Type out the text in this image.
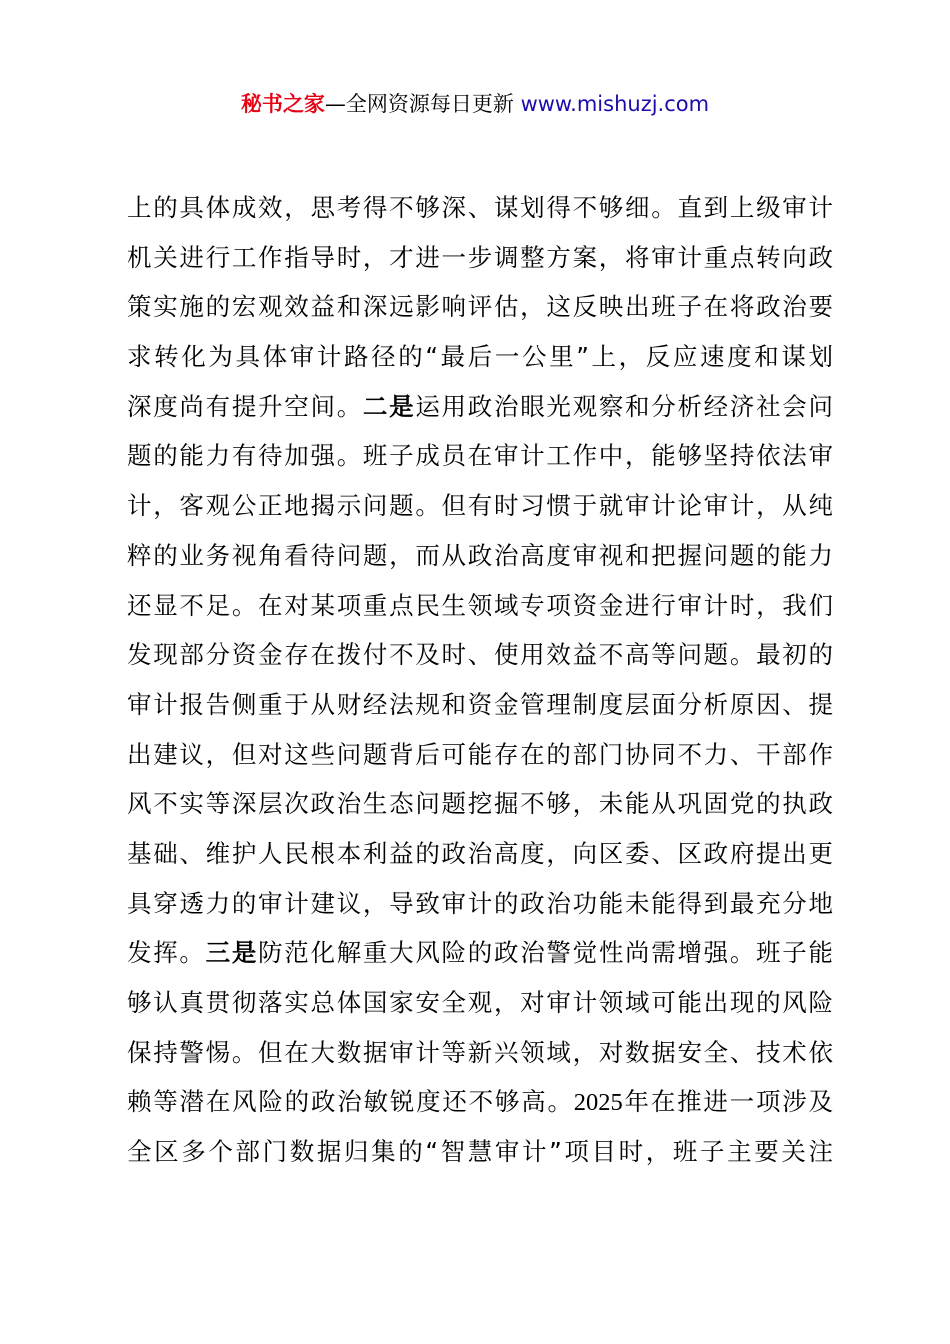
秘书之家—全网资源每日更新 www.mishuzj.com
上的具体成效，思考得不够深、谋划得不够细。直到上级审计
机关进行工作指导时，才进一步调整方案，将审计重点转向政
策实施的宏观效益和深远影响评估，这反映出班子在将政治要
求转化为具体审计路径的“最后一公里”上，反应速度和谋划
深度尚有提升空间。二是运用政治眼光观察和分析经济社会问
题的能力有待加强。班子成员在审计工作中，能够坚持依法审
计，客观公正地揭示问题。但有时习惯于就审计论审计，从纯
粹的业务视角看待问题，而从政治高度审视和把握问题的能力
还显不足。在对某项重点民生领域专项资金进行审计时，我们
发现部分资金存在拨付不及时、使用效益不高等问题。最初的
审计报告侧重于从财经法规和资金管理制度层面分析原因、提
出建议，但对这些问题背后可能存在的部门协同不力、干部作
风不实等深层次政治生态问题挖掘不够，未能从巩固党的执政
基础、维护人民根本利益的政治高度，向区委、区政府提出更
具穿透力的审计建议，导致审计的政治功能未能得到最充分地
发挥。三是防范化解重大风险的政治警觉性尚需增强。班子能
够认真贯彻落实总体国家安全观，对审计领域可能出现的风险
保持警惕。但在大数据审计等新兴领域，对数据安全、技术依
赖等潜在风险的政治敏锐度还不够高。2025年在推进一项涉及
全区多个部门数据归集的“智慧审计”项目时，班子主要关注
